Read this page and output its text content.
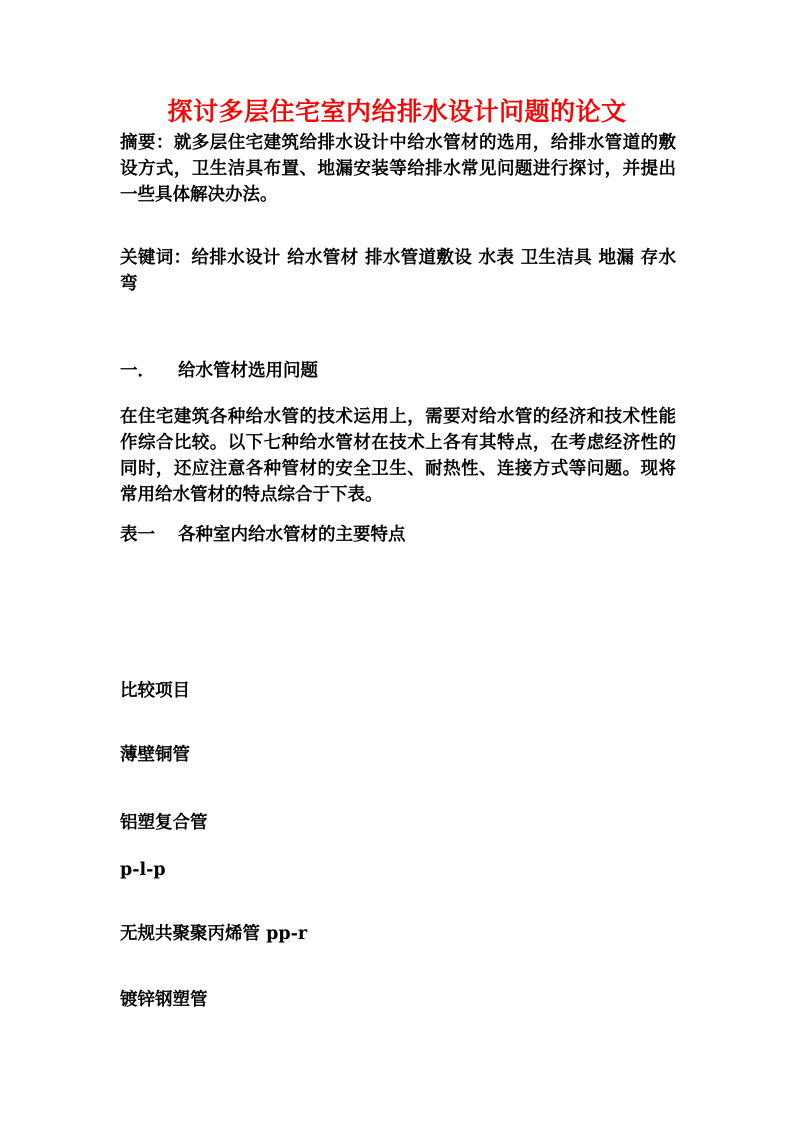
探讨多层住宅室内给排水设计问题的论文
摘要：就多层住宅建筑给排水设计中给水管材的选用，给排水管道的敷设方式，卫生洁具布置、地漏安装等给排水常见问题进行探讨，并提出一些具体解决办法。
关键词：给排水设计 给水管材 排水管道敷设 水表 卫生洁具 地漏 存水弯
一． 给水管材选用问题
在住宅建筑各种给水管的技术运用上，需要对给水管的经济和技术性能作综合比较。以下七种给水管材在技术上各有其特点，在考虑经济性的同时，还应注意各种管材的安全卫生、耐热性、连接方式等问题。现将常用给水管材的特点综合于下表。
表一 各种室内给水管材的主要特点
比较项目
薄壁铜管
铝塑复合管
p-l-p
无规共聚聚丙烯管 pp-r
镀锌钢塑管
